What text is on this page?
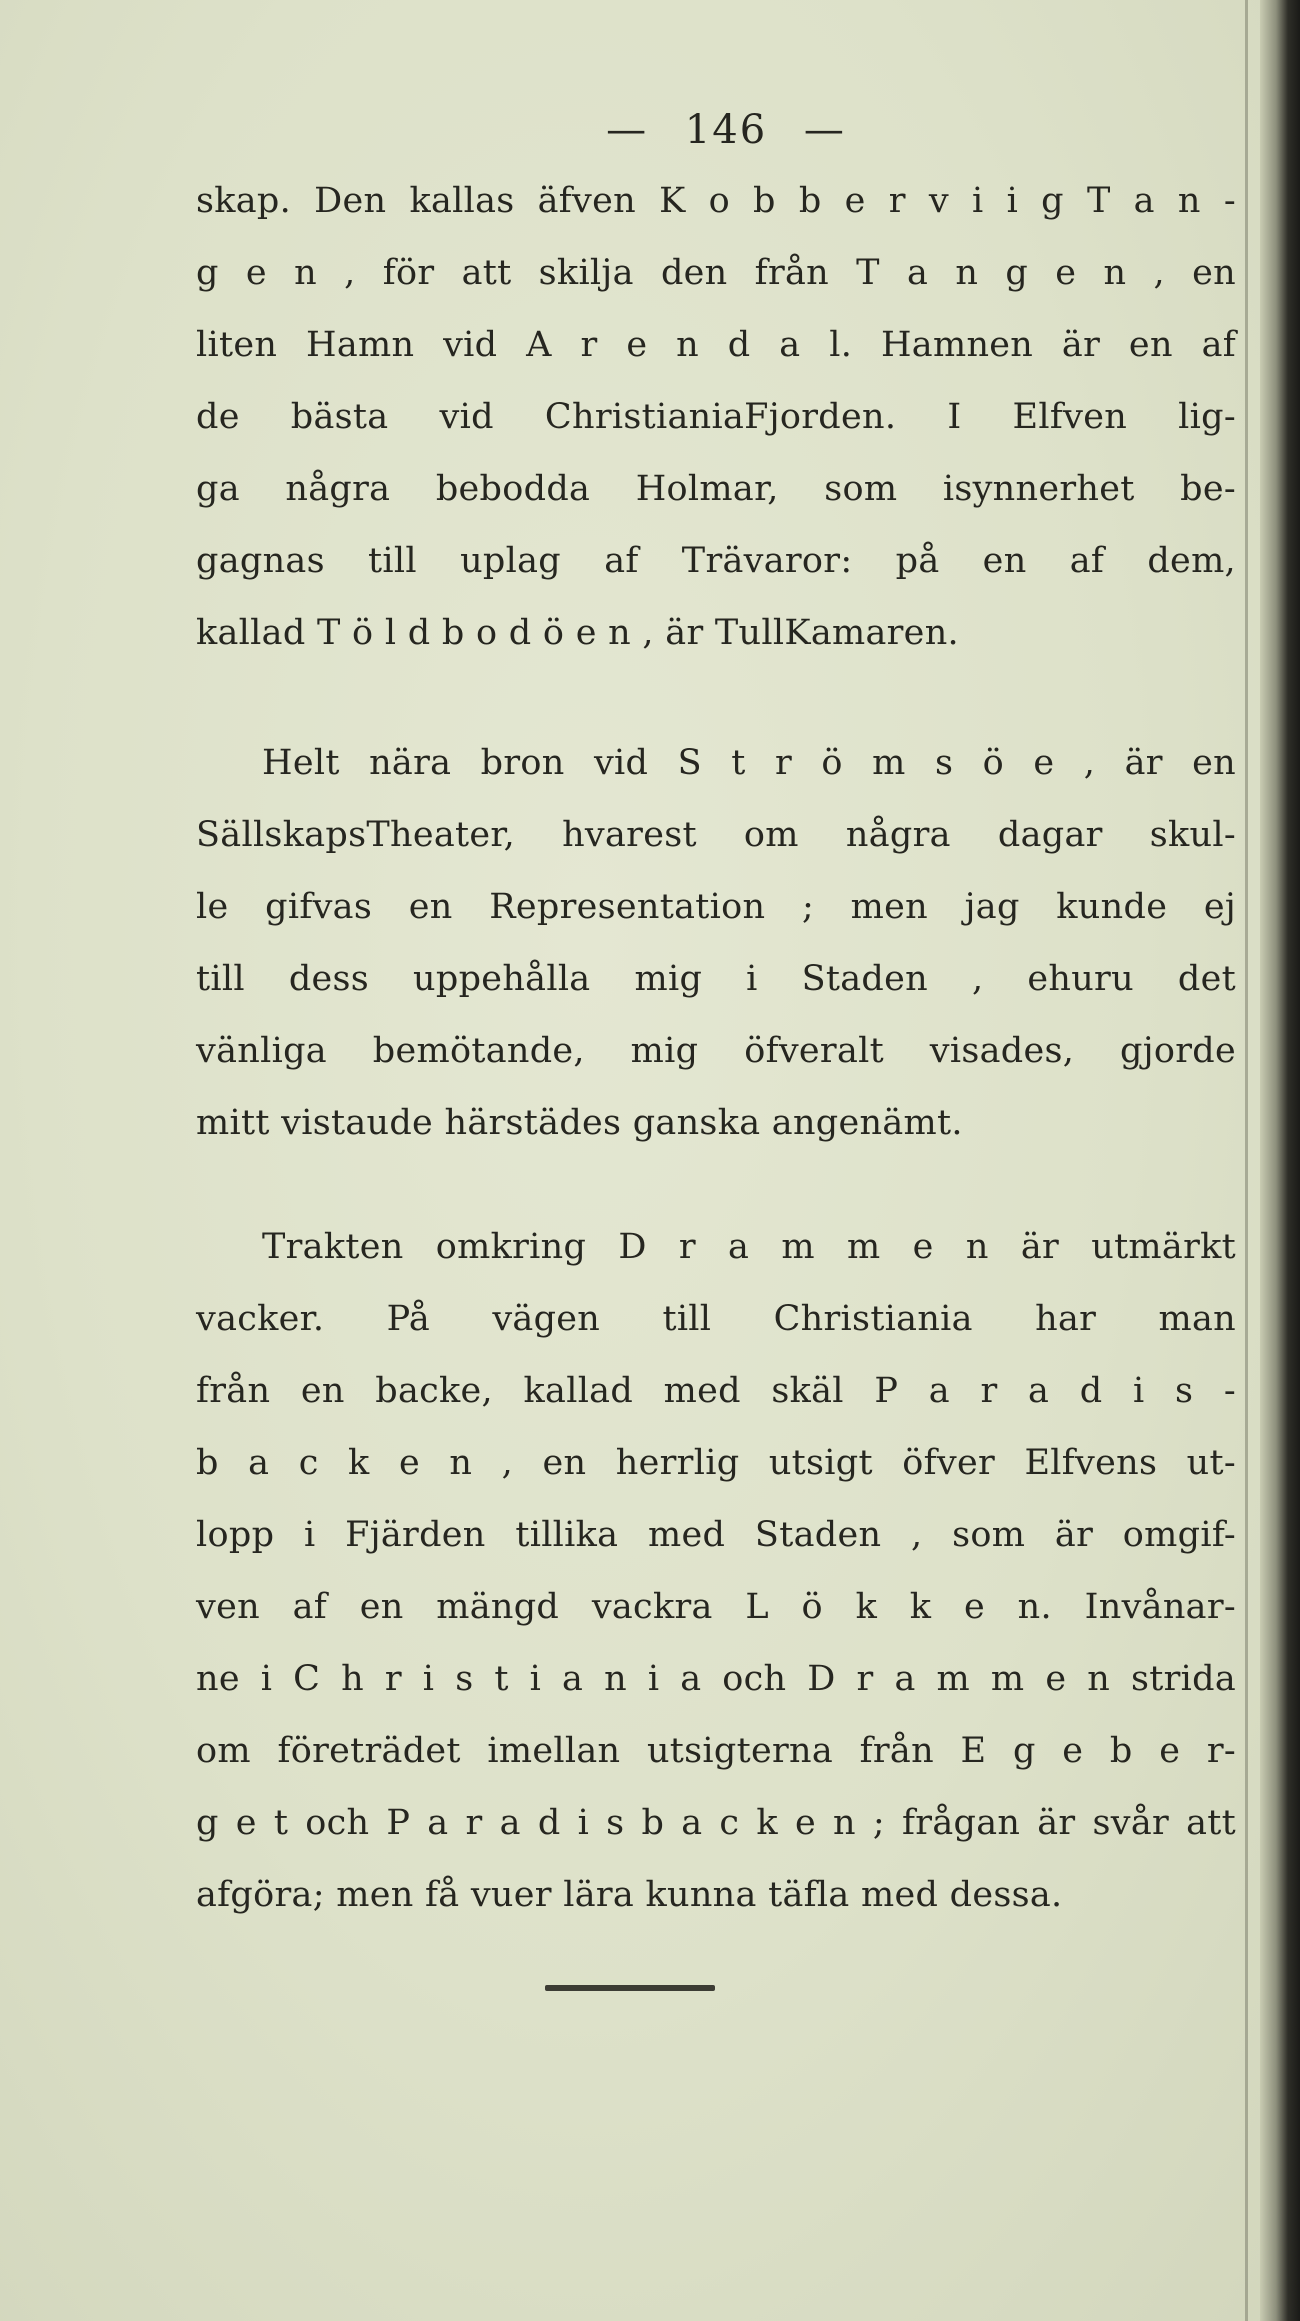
— 146 —
skap. Den kallas äfven K o b b e r v i i g T a n -
g e n , för att skilja den från T a n g e n , en
liten Hamn vid A r e n d a l. Hamnen är en af
de bästa vid ChristianiaFjorden. I Elfven lig-
ga några bebodda Holmar, som isynnerhet be-
gagnas till uplag af Trävaror: på en af dem,
kallad T ö l d b o d ö e n , är TullKamaren.
Helt nära bron vid S t r ö m s ö e , är en
SällskapsTheater, hvarest om några dagar skul-
le gifvas en Representation ; men jag kunde ej
till dess uppehålla mig i Staden , ehuru det
vänliga bemötande, mig öfveralt visades, gjorde
mitt vistaude härstädes ganska angenämt.
Trakten omkring D r a m m e n är utmärkt
vacker. På vägen till Christiania har man
från en backe, kallad med skäl P a r a d i s -
b a c k e n , en herrlig utsigt öfver Elfvens ut-
lopp i Fjärden tillika med Staden , som är omgif-
ven af en mängd vackra L ö k k e n. Invånar-
ne i C h r i s t i a n i a och D r a m m e n strida
om företrädet imellan utsigterna från E g e b e r-
g e t och P a r a d i s b a c k e n ; frågan är svår att
afgöra; men få vuer lära kunna täfla med dessa.
